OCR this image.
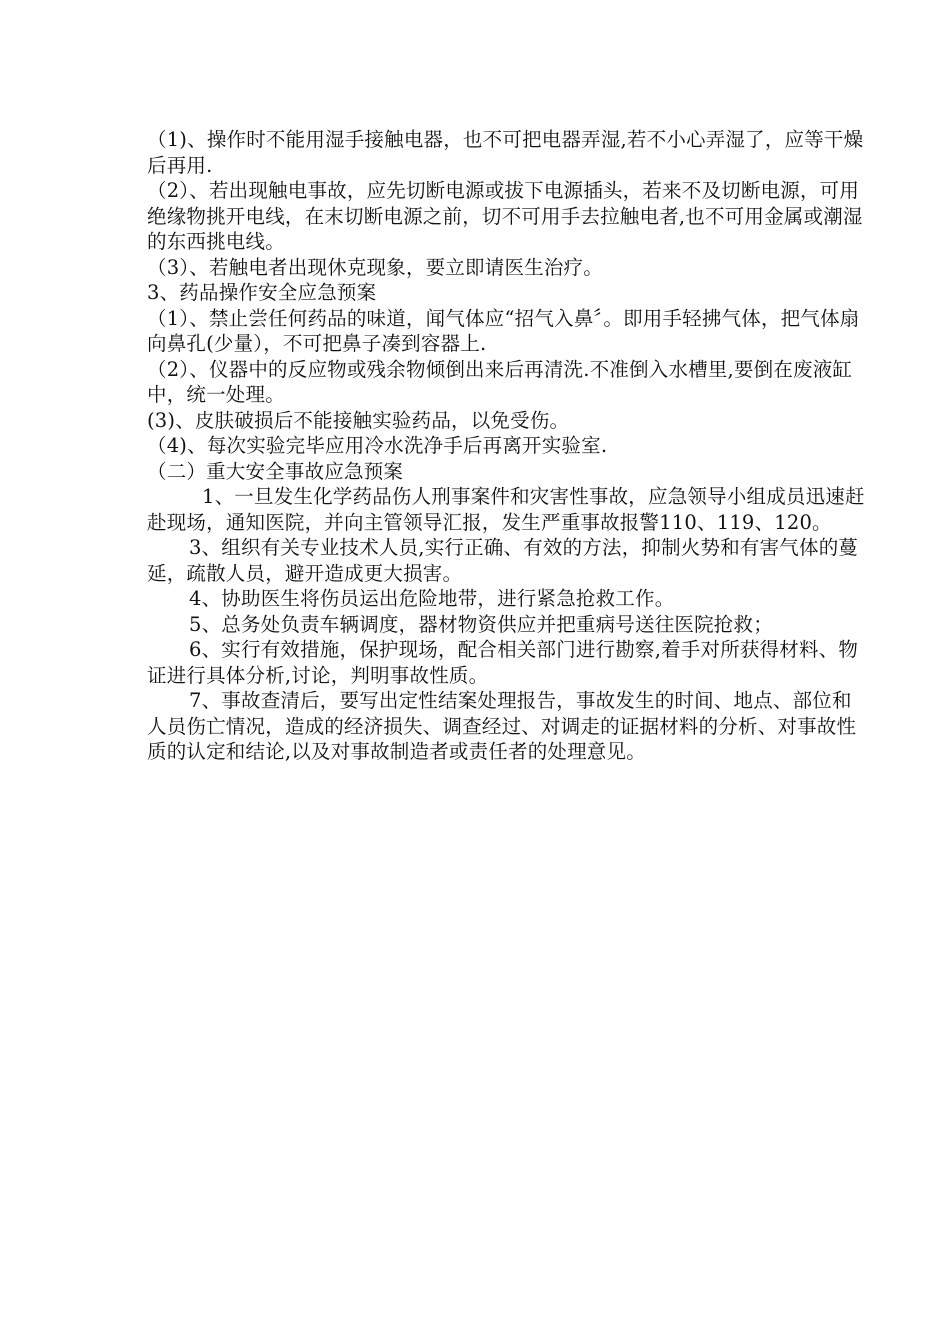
（1)、操作时不能用湿手接触电器，也不可把电器弄湿,若不小心弄湿了，应等干燥后再用.

（2）、若出现触电事故，应先切断电源或拔下电源插头，若来不及切断电源，可用绝缘物挑开电线，在末切断电源之前，切不可用手去拉触电者,也不可用金属或潮湿的东西挑电线。

（3）、若触电者出现休克现象，要立即请医生治疗。

3、药品操作安全应急预案

（1）、禁止尝任何药品的味道，闻气体应“招气入鼻〞。即用手轻拂气体，把气体扇向鼻孔(少量），不可把鼻子凑到容器上.

（2）、仪器中的反应物或残余物倾倒出来后再清洗.不准倒入水槽里,要倒在废液缸中，统一处理。

(3)、皮肤破损后不能接触实验药品，以免受伤。

（4)、每次实验完毕应用冷水洗净手后再离开实验室.

（二）重大安全事故应急预案

1、一旦发生化学药品伤人刑事案件和灾害性事故，应急领导小组成员迅速赶赴现场，通知医院，并向主管领导汇报，发生严重事故报警110、119、120。

3、组织有关专业技术人员,实行正确、有效的方法，抑制火势和有害气体的蔓延，疏散人员，避开造成更大损害。

4、协助医生将伤员运出危险地带，进行紧急抢救工作。

5、总务处负责车辆调度，器材物资供应并把重病号送往医院抢救；

6、实行有效措施，保护现场，配合相关部门进行勘察,着手对所获得材料、物证进行具体分析,讨论，判明事故性质。

7、事故查清后，要写出定性结案处理报告，事故发生的时间、地点、部位和人员伤亡情况，造成的经济损失、调查经过、对调走的证据材料的分析、对事故性质的认定和结论,以及对事故制造者或责任者的处理意见。
